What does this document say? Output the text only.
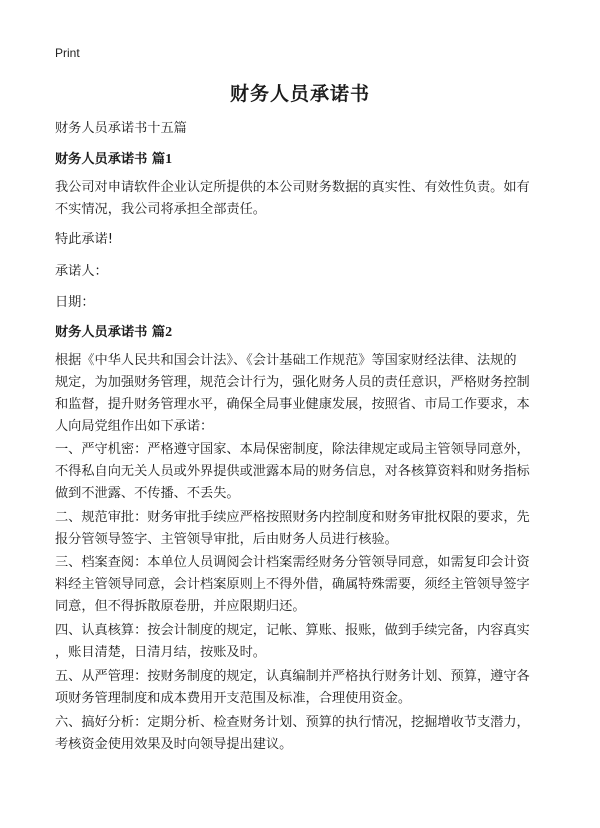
Print
财务人员承诺书
财务人员承诺书十五篇
财务人员承诺书 篇1
我公司对申请软件企业认定所提供的本公司财务数据的真实性、有效性负责。如有
不实情况，我公司将承担全部责任。
特此承诺!
承诺人：
日期：
财务人员承诺书 篇2
根据《中华人民共和国会计法》、《会计基础工作规范》等国家财经法律、法规的
规定，为加强财务管理，规范会计行为，强化财务人员的责任意识，严格财务控制
和监督，提升财务管理水平，确保全局事业健康发展，按照省、市局工作要求，本
人向局党组作出如下承诺：
一、严守机密：严格遵守国家、本局保密制度，除法律规定或局主管领导同意外，
不得私自向无关人员或外界提供或泄露本局的财务信息，对各核算资料和财务指标
做到不泄露、不传播、不丢失。
二、规范审批：财务审批手续应严格按照财务内控制度和财务审批权限的要求，先
报分管领导签字、主管领导审批，后由财务人员进行核验。
三、档案查阅：本单位人员调阅会计档案需经财务分管领导同意，如需复印会计资
料经主管领导同意，会计档案原则上不得外借，确属特殊需要，须经主管领导签字
同意，但不得拆散原卷册，并应限期归还。
四、认真核算：按会计制度的规定，记帐、算账、报账，做到手续完备，内容真实
，账目清楚，日清月结，按账及时。
五、从严管理：按财务制度的规定，认真编制并严格执行财务计划、预算，遵守各
项财务管理制度和成本费用开支范围及标准，合理使用资金。
六、搞好分析：定期分析、检查财务计划、预算的执行情况，挖掘增收节支潜力，
考核资金使用效果及时向领导提出建议。
